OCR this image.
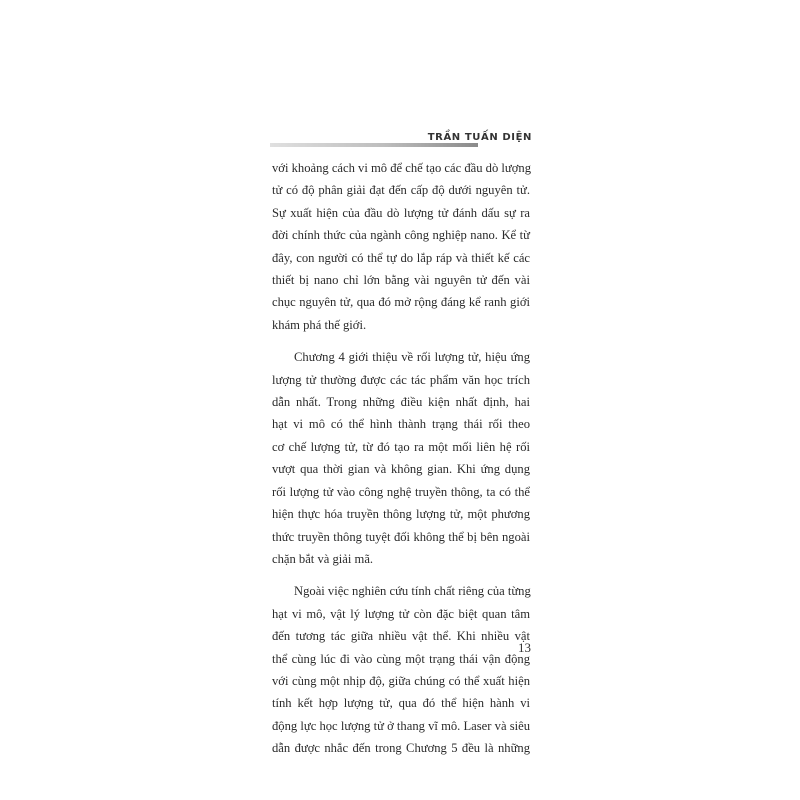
TRẦN TUẤN DIỆN
với khoảng cách vi mô để chế tạo các đầu dò lượng
tử có độ phân giải đạt đến cấp độ dưới nguyên tử.
Sự xuất hiện của đầu dò lượng tử đánh dấu sự ra
đời chính thức của ngành công nghiệp nano. Kể từ
đây, con người có thể tự do lắp ráp và thiết kế các
thiết bị nano chỉ lớn bằng vài nguyên tử đến vài
chục nguyên tử, qua đó mở rộng đáng kể ranh giới
khám phá thế giới.
Chương 4 giới thiệu về rối lượng tử, hiệu ứng
lượng tử thường được các tác phẩm văn học trích
dẫn nhất. Trong những điều kiện nhất định, hai
hạt vi mô có thể hình thành trạng thái rối theo
cơ chế lượng tử, từ đó tạo ra một mối liên hệ rối
vượt qua thời gian và không gian. Khi ứng dụng
rối lượng tử vào công nghệ truyền thông, ta có thể
hiện thực hóa truyền thông lượng tử, một phương
thức truyền thông tuyệt đối không thể bị bên ngoài
chặn bắt và giải mã.
Ngoài việc nghiên cứu tính chất riêng của từng
hạt vi mô, vật lý lượng tử còn đặc biệt quan tâm
đến tương tác giữa nhiều vật thể. Khi nhiều vật
thể cùng lúc đi vào cùng một trạng thái vận động
với cùng một nhịp độ, giữa chúng có thể xuất hiện
tính kết hợp lượng tử, qua đó thể hiện hành vi
động lực học lượng tử ở thang vĩ mô. Laser và siêu
dẫn được nhắc đến trong Chương 5 đều là những
13
